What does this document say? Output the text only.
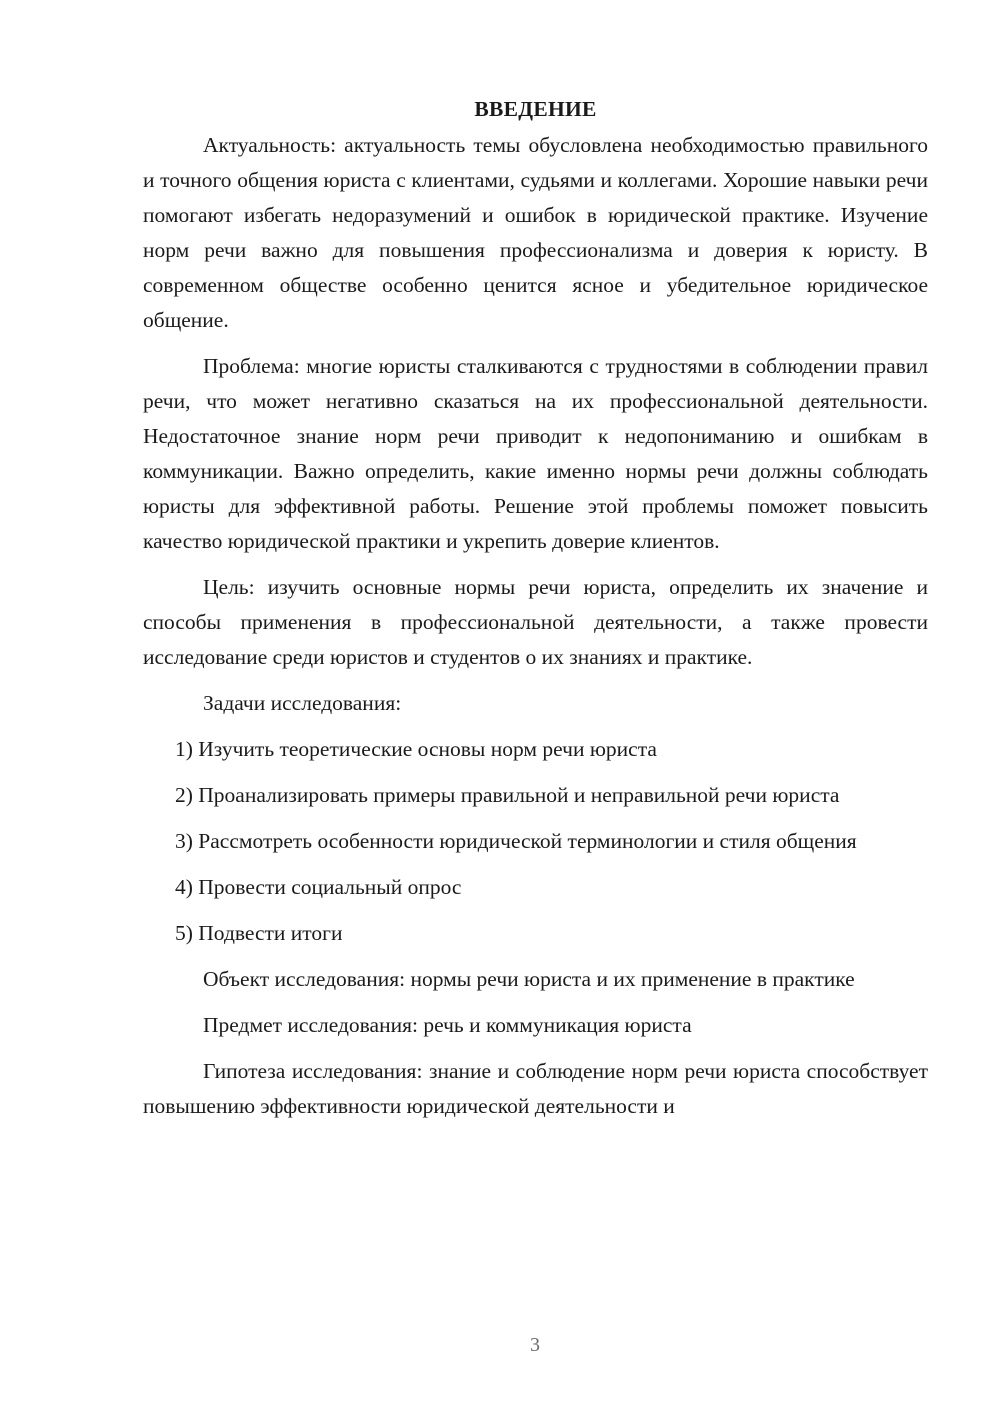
ВВЕДЕНИЕ

Актуальность: актуальность темы обусловлена необходимостью правильного и точного общения юриста с клиентами, судьями и коллегами. Хорошие навыки речи помогают избегать недоразумений и ошибок в юридической практике. Изучение норм речи важно для повышения профессионализма и доверия к юристу. В современном обществе особенно ценится ясное и убедительное юридическое общение.

Проблема: многие юристы сталкиваются с трудностями в соблюдении правил речи, что может негативно сказаться на их профессиональной деятельности. Недостаточное знание норм речи приводит к недопониманию и ошибкам в коммуникации. Важно определить, какие именно нормы речи должны соблюдать юристы для эффективной работы. Решение этой проблемы поможет повысить качество юридической практики и укрепить доверие клиентов.

Цель: изучить основные нормы речи юриста, определить их значение и способы применения в профессиональной деятельности, а также провести исследование среди юристов и студентов о их знаниях и практике.

Задачи исследования:

1) Изучить теоретические основы норм речи юриста

2) Проанализировать примеры правильной и неправильной речи юриста

3) Рассмотреть особенности юридической терминологии и стиля общения

4) Провести социальный опрос

5) Подвести итоги

Объект исследования: нормы речи юриста и их применение в практике

Предмет исследования: речь и коммуникация юриста

Гипотеза исследования: знание и соблюдение норм речи юриста способствует повышению эффективности юридической деятельности и

3
